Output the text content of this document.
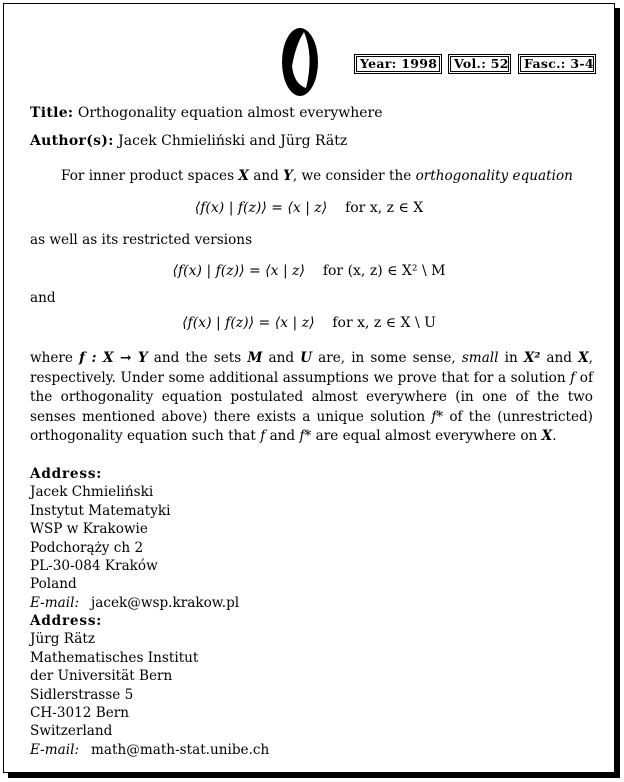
Year: 1998	Vol.: 52	Fasc.: 3-4
Title: Orthogonality equation almost everywhere
Author(s): Jacek Chmieliński and Jürg Rätz
For inner product spaces X and Y, we consider the orthogonality equation
⟨f(x) | f(z)⟩ = ⟨x | z⟩ for x, z ∈ X
as well as its restricted versions
⟨f(x) | f(z)⟩ = ⟨x | z⟩ for (x, z) ∈ X² \ M
and
⟨f(x) | f(z)⟩ = ⟨x | z⟩ for x, z ∈ X \ U
where f : X → Y and the sets M and U are, in some sense, small in X² and X, respectively. Under some additional assumptions we prove that for a solution f of the orthogonality equation postulated almost everywhere (in one of the two senses mentioned above) there exists a unique solution f* of the (unrestricted) orthogonality equation such that f and f* are equal almost everywhere on X.
Address:
Jacek Chmieliński
Instytut Matematyki
WSP w Krakowie
Podchorąży ch 2
PL-30-084 Kraków
Poland
E-mail: jacek@wsp.krakow.pl
Address:
Jürg Rätz
Mathematisches Institut
der Universität Bern
Sidlerstrasse 5
CH-3012 Bern
Switzerland
E-mail: math@math-stat.unibe.ch
